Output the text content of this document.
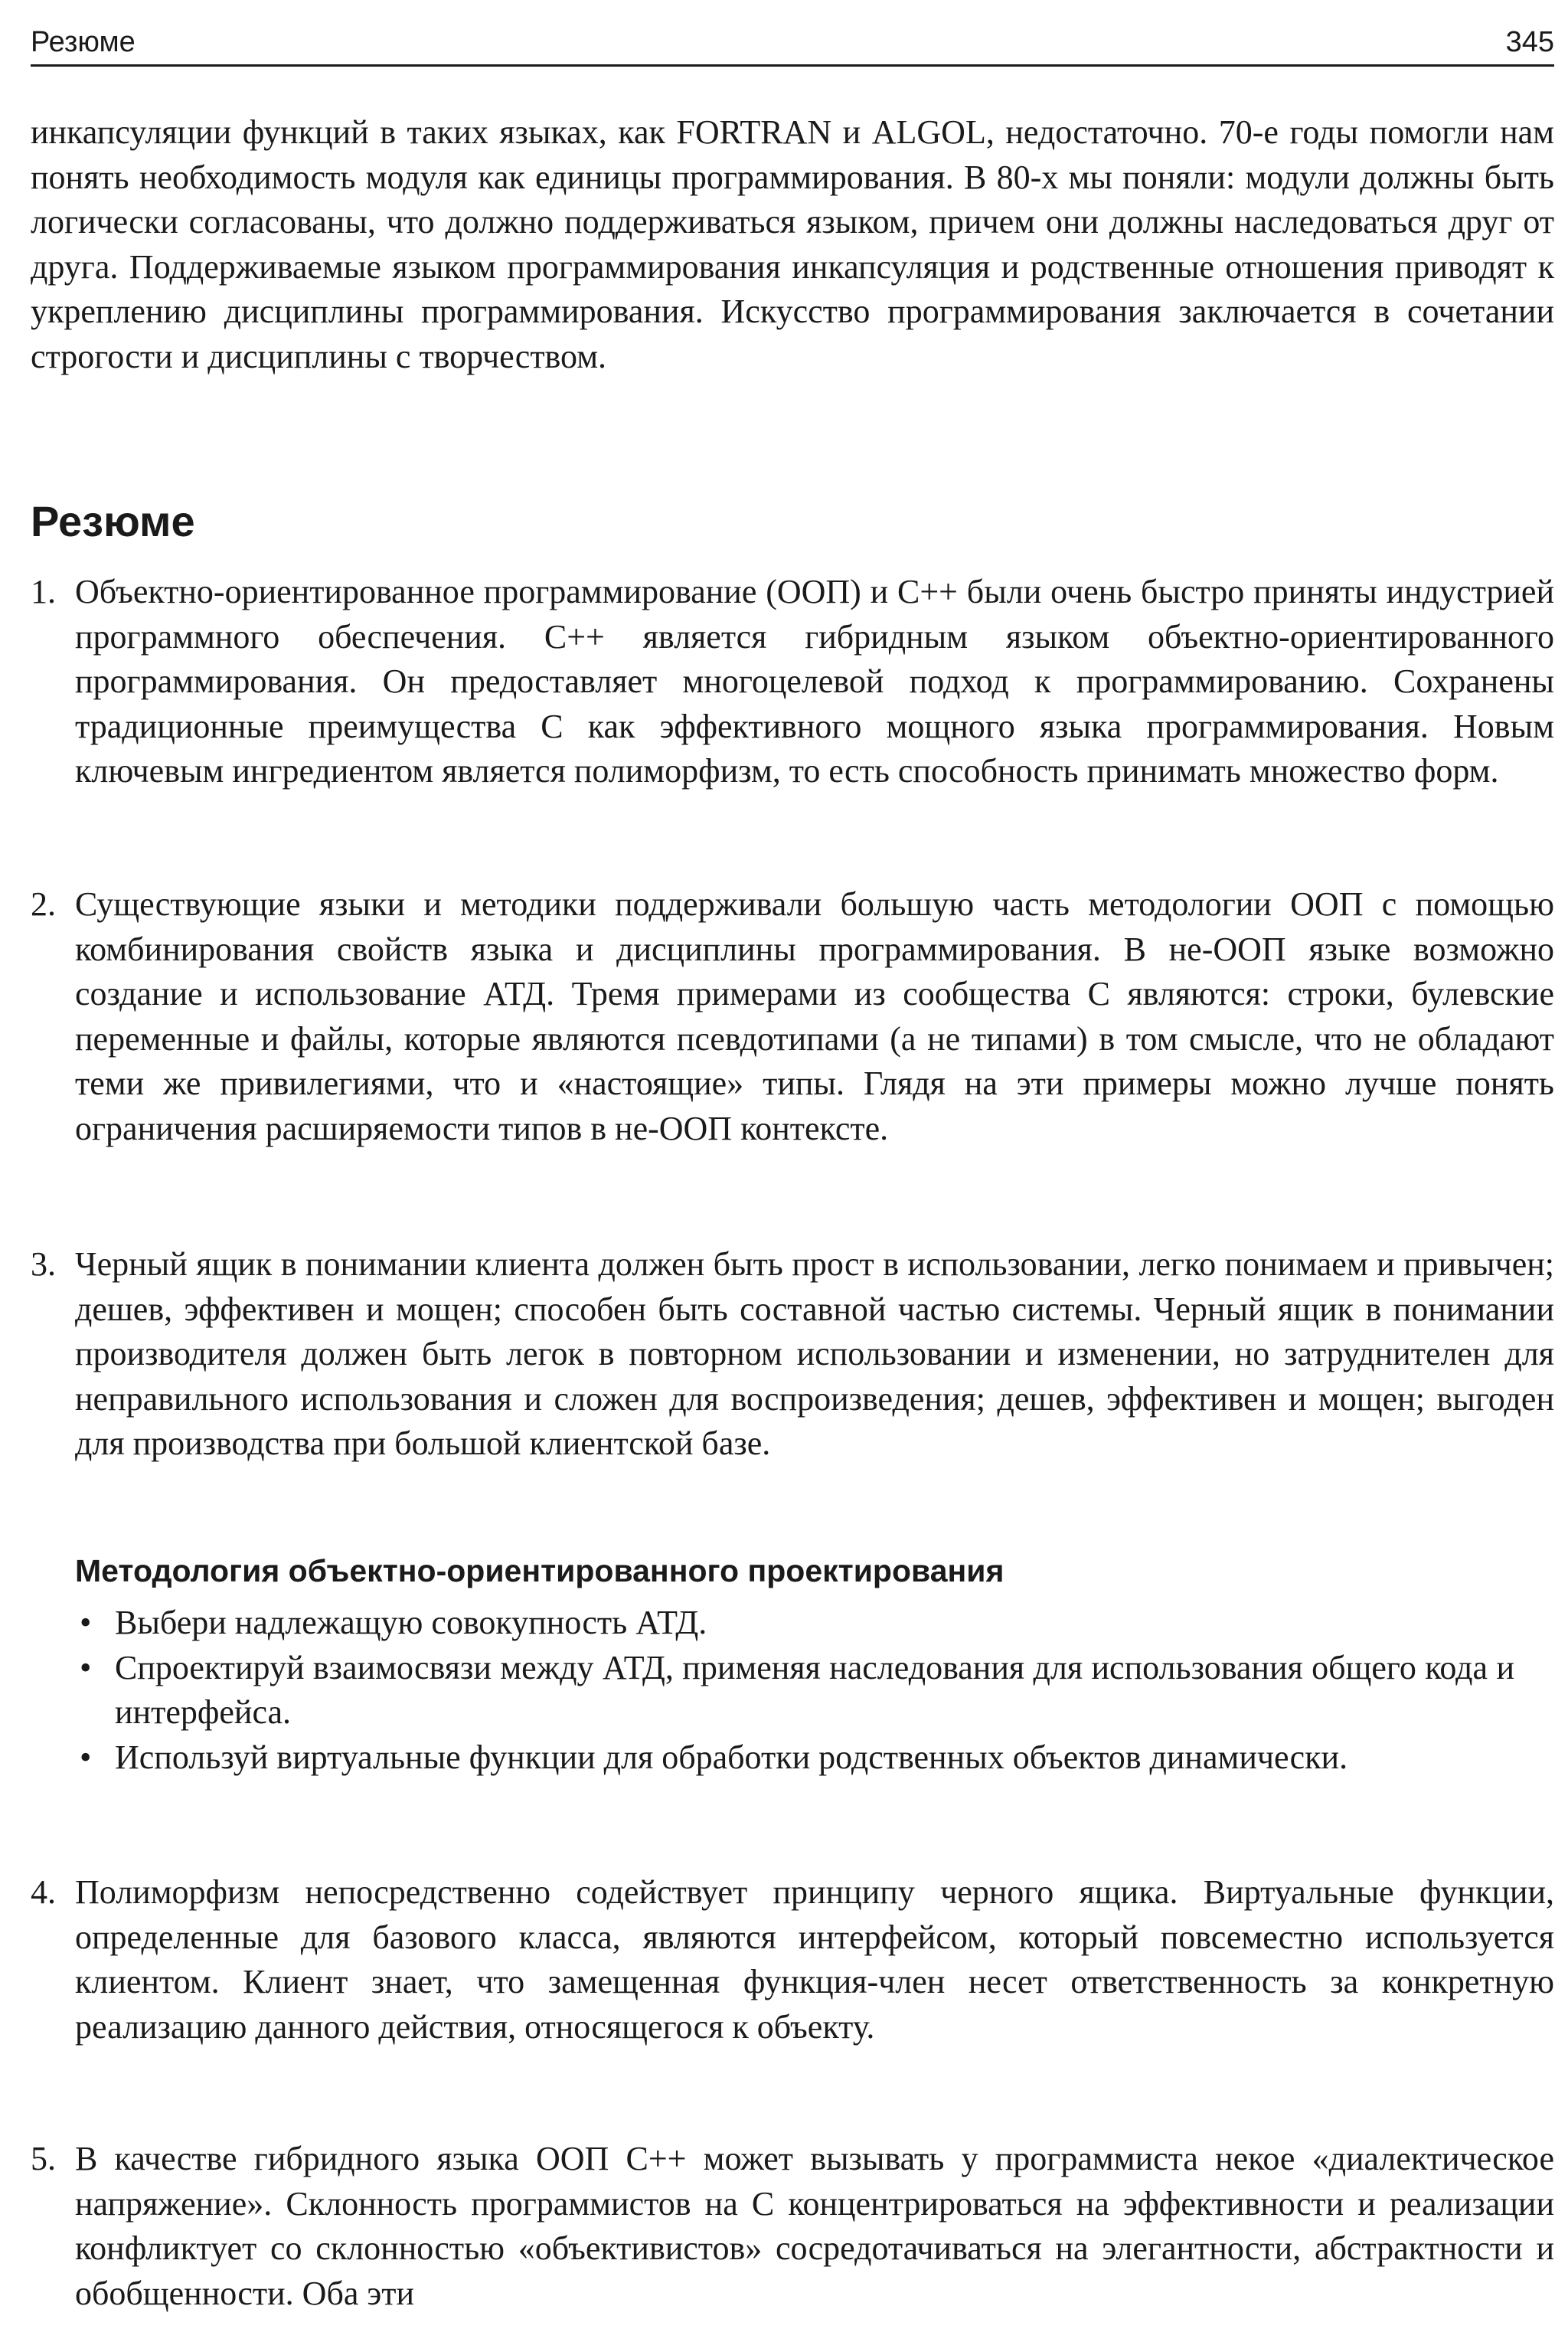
Резюме	345

инкапсуляции функций в таких языках, как FORTRAN и ALGOL, недостаточно. 70-е годы помогли нам понять необходимость модуля как единицы программирования. В 80-х мы поняли: модули должны быть логически согласованы, что должно поддерживаться языком, причем они должны наследоваться друг от друга. Поддерживаемые языком программирования инкапсуляция и родственные отношения приводят к укреплению дисциплины программирования. Искусство программирования заключается в сочетании строгости и дисциплины с творчеством.

Резюме
1. Объектно-ориентированное программирование (ООП) и C++ были очень быстро приняты индустрией программного обеспечения. C++ является гибридным языком объектно-ориентированного программирования. Он предоставляет многоцелевой подход к программированию. Сохранены традиционные преимущества C как эффективного мощного языка программирования. Новым ключевым ингредиентом является полиморфизм, то есть способность принимать множество форм.

2. Существующие языки и методики поддерживали большую часть методологии ООП с помощью комбинирования свойств языка и дисциплины программирования. В не-ООП языке возможно создание и использование АТД. Тремя примерами из сообщества C являются: строки, булевские переменные и файлы, которые являются псевдотипами (а не типами) в том смысле, что не обладают теми же привилегиями, что и «настоящие» типы. Глядя на эти примеры можно лучше понять ограничения расширяемости типов в не-ООП контексте.

3. Черный ящик в понимании клиента должен быть прост в использовании, легко понимаем и привычен; дешев, эффективен и мощен; способен быть составной частью системы. Черный ящик в понимании производителя должен быть легок в повторном использовании и изменении, но затруднителен для неправильного использования и сложен для воспроизведения; дешев, эффективен и мощен; выгоден для производства при большой клиентской базе.

Методология объектно-ориентированного проектирования
• Выбери надлежащую совокупность АТД.
• Спроектируй взаимосвязи между АТД, применяя наследования для использования общего кода и интерфейса.
• Используй виртуальные функции для обработки родственных объектов динамически.
4. Полиморфизм непосредственно содействует принципу черного ящика. Виртуальные функции, определенные для базового класса, являются интерфейсом, который повсеместно используется клиентом. Клиент знает, что замещенная функция-член несет ответственность за конкретную реализацию данного действия, относящегося к объекту.

5. В качестве гибридного языка ООП C++ может вызывать у программиста некое «диалектическое напряжение». Склонность программистов на C концентрироваться на эффективности и реализации конфликтует со склонностью «объективистов» сосредотачиваться на элегантности, абстрактности и обобщенности. Оба эти
